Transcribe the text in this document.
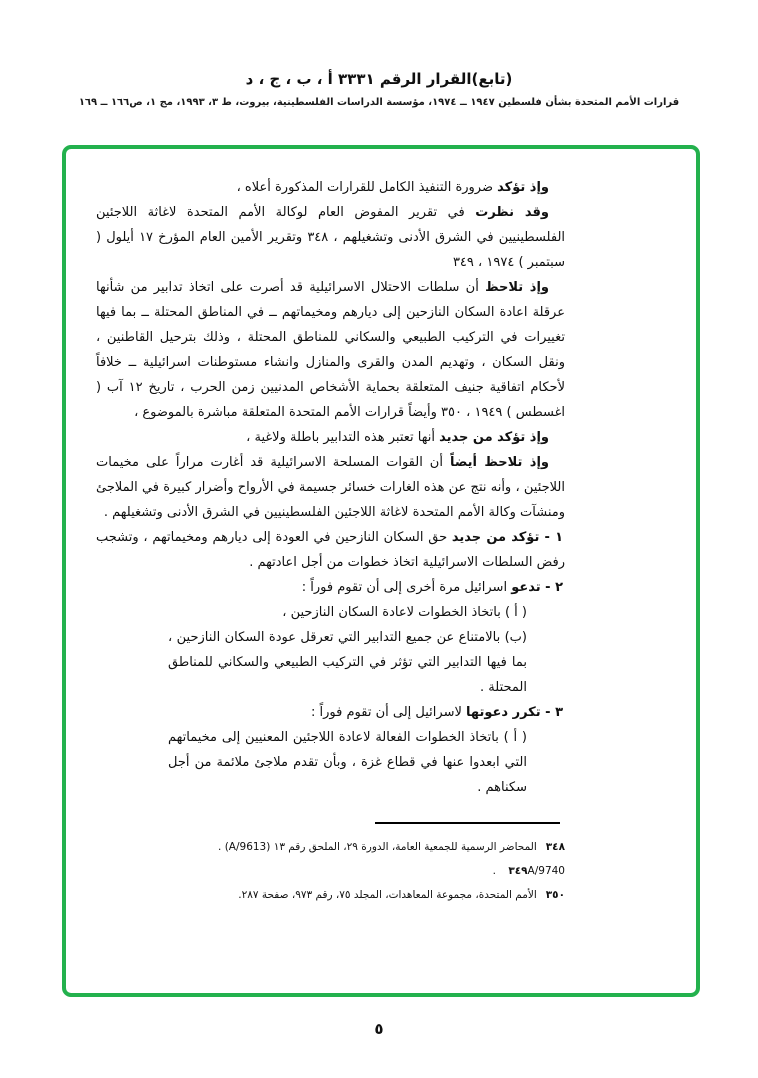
(تابع)القرار الرقم ٣٣٣١ أ ، ب ، ج ، د
قرارات الأمم المتحدة بشأن فلسطين ١٩٤٧ ــ ١٩٧٤، مؤسسة الدراسات الفلسطينية، بيروت، ط ٣، ١٩٩٣، مج ١، ص١٦٦ ــ ١٦٩

وإذ تؤكد ضرورة التنفيذ الكامل للقرارات المذكورة أعلاه ،

وقد نظرت في تقرير المفوض العام لوكالة الأمم المتحدة لاغاثة اللاجئين الفلسطينيين في الشرق الأدنى وتشغيلهم ، ٣٤٨ وتقرير الأمين العام المؤرخ ١٧ أيلول ( سبتمبر ) ١٩٧٤ ، ٣٤٩

وإذ تلاحظ أن سلطات الاحتلال الاسرائيلية قد أصرت على اتخاذ تدابير من شأنها عرقلة اعادة السكان النازحين إلى ديارهم ومخيماتهم ــ في المناطق المحتلة ــ بما فيها تغييرات في التركيب الطبيعي والسكاني للمناطق المحتلة ، وذلك بترحيل القاطنين ، ونقل السكان ، وتهديم المدن والقرى والمنازل وانشاء مستوطنات اسرائيلية ــ خلافاً لأحكام اتفاقية جنيف المتعلقة بحماية الأشخاص المدنيين زمن الحرب ، تاريخ ١٢ آب ( اغسطس ) ١٩٤٩ ، ٣٥٠ وأيضاً قرارات الأمم المتحدة المتعلقة مباشرة بالموضوع ،

وإذ تؤكد من جديد أنها تعتبر هذه التدابير باطلة ولاغية ،

وإذ تلاحظ أيضاً أن القوات المسلحة الاسرائيلية قد أغارت مراراً على مخيمات اللاجئين ، وأنه نتج عن هذه الغارات خسائر جسيمة في الأرواح وأضرار كبيرة في الملاجئ ومنشآت وكالة الأمم المتحدة لاغاثة اللاجئين الفلسطينيين في الشرق الأدنى وتشغيلهم .

١ - تؤكد من جديد حق السكان النازحين في العودة إلى ديارهم ومخيماتهم ، وتشجب رفض السلطات الاسرائيلية اتخاذ خطوات من أجل اعادتهم .

٢ - تدعو اسرائيل مرة أخرى إلى أن تقوم فوراً :

( أ ) باتخاذ الخطوات لاعادة السكان النازحين ،

(ب) بالامتناع عن جميع التدابير التي تعرقل عودة السكان النازحين ، بما فيها التدابير التي تؤثر في التركيب الطبيعي والسكاني للمناطق المحتلة .

٣ - تكرر دعوتها لاسرائيل إلى أن تقوم فوراً :

( أ ) باتخاذ الخطوات الفعالة لاعادة اللاجئين المعنيين إلى مخيماتهم التي ابعدوا عنها في قطاع غزة ، وبأن تقدم ملاجئ ملائمة من أجل سكناهم .

٣٤٨المحاضر الرسمية للجمعية العامة، الدورة ٢٩، الملحق رقم ١٣ (A/9613) .
٣٤٩A/9740 .
٣٥٠الأمم المتحدة، مجموعة المعاهدات، المجلد ٧٥، رقم ٩٧٣، صفحة ٢٨٧.
٥
